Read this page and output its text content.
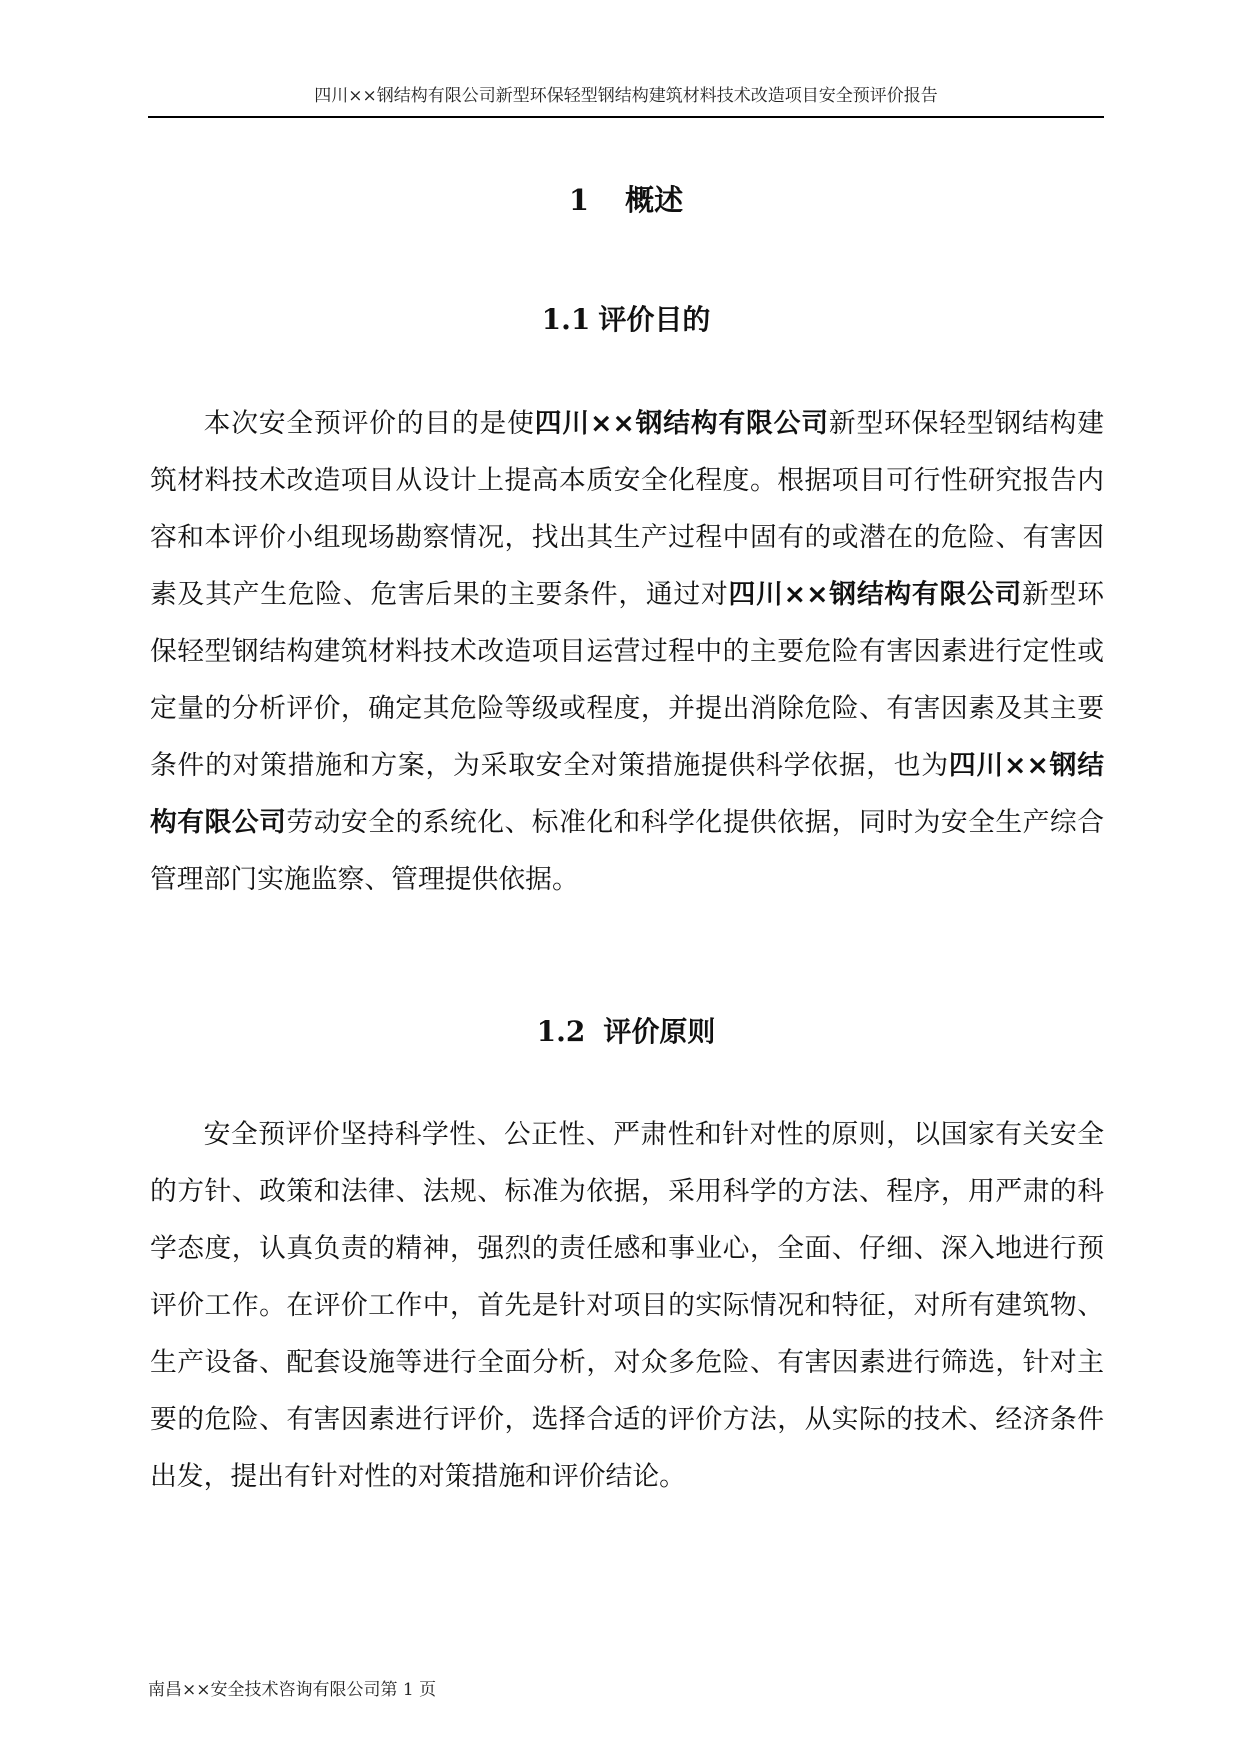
四川××钢结构有限公司新型环保轻型钢结构建筑材料技术改造项目安全预评价报告
1 概述
1.1 评价目的

本次安全预评价的目的是使四川××钢结构有限公司新型环保轻型钢结构建筑材料技术改造项目从设计上提高本质安全化程度。根据项目可行性研究报告内容和本评价小组现场勘察情况，找出其生产过程中固有的或潜在的危险、有害因素及其产生危险、危害后果的主要条件，通过对四川××钢结构有限公司新型环保轻型钢结构建筑材料技术改造项目运营过程中的主要危险有害因素进行定性或定量的分析评价，确定其危险等级或程度，并提出消除危险、有害因素及其主要条件的对策措施和方案，为采取安全对策措施提供科学依据，也为四川××钢结构有限公司劳动安全的系统化、标准化和科学化提供依据，同时为安全生产综合管理部门实施监察、管理提供依据。

1.2 评价原则

安全预评价坚持科学性、公正性、严肃性和针对性的原则，以国家有关安全的方针、政策和法律、法规、标准为依据，采用科学的方法、程序，用严肃的科学态度，认真负责的精神，强烈的责任感和事业心，全面、仔细、深入地进行预评价工作。在评价工作中，首先是针对项目的实际情况和特征，对所有建筑物、生产设备、配套设施等进行全面分析，对众多危险、有害因素进行筛选，针对主要的危险、有害因素进行评价，选择合适的评价方法，从实际的技术、经济条件出发，提出有针对性的对策措施和评价结论。

南昌××安全技术咨询有限公司第 1 页
